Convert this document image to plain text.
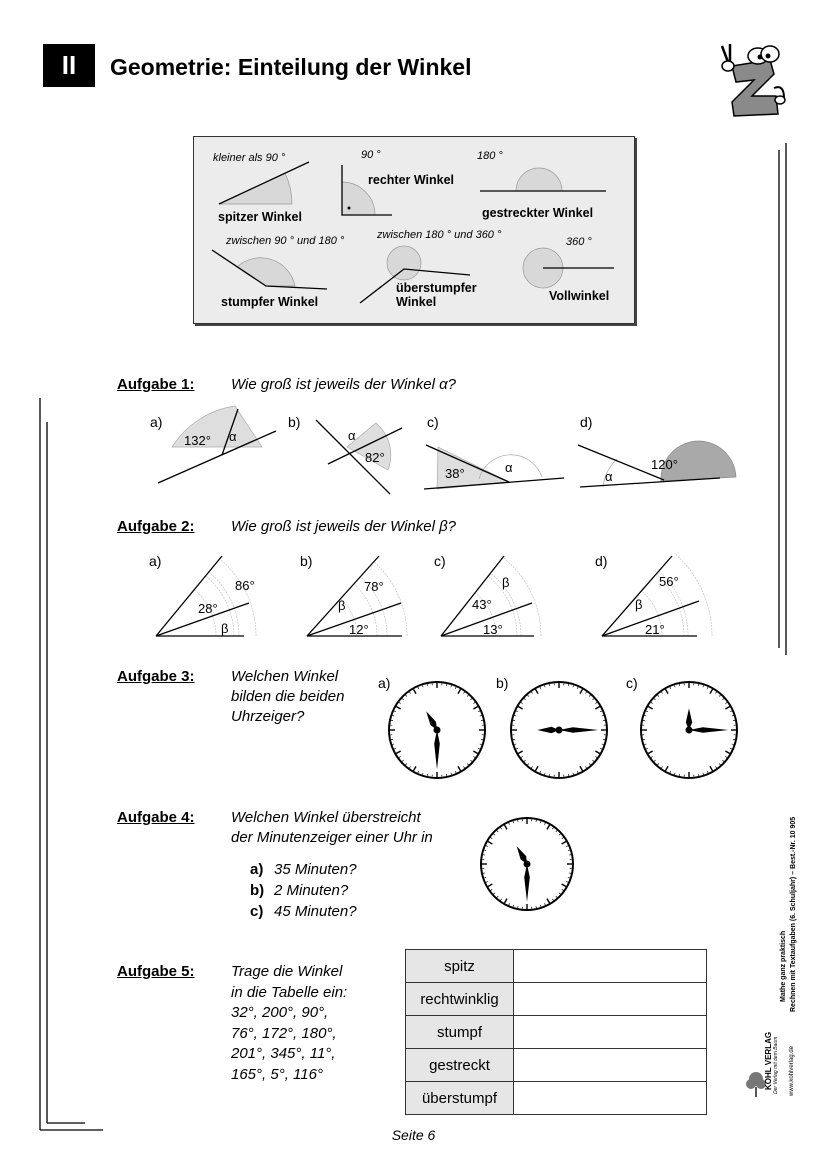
II	Geometrie: Einteilung der Winkel
kleiner als 90 °
spitzer Winkel
90 °
rechter Winkel
180 °
gestreckter Winkel
zwischen 90 ° und 180 °
stumpfer Winkel
zwischen 180 ° und 360 °
überstumpfer
Winkel
360 °
Vollwinkel
Aufgabe 1: Wie groß ist jeweils der Winkel α?
a)
132° α
b)
α
82°
c)
38°	α
d)
120°
α
Aufgabe 2: Wie groß ist jeweils der Winkel β?
a)
86°
28°
β
b)
78°
β
12°
c)
β
43°
13°
d)
56°
β
21°
Aufgabe 3: Welchen Winkel
bilden die beiden
Uhrzeiger?
a)	b)	c)
Aufgabe 4: Welchen Winkel überstreicht
der Minutenzeiger einer Uhr in
a) 35 Minuten?
b) 2 Minuten?
c) 45 Minuten?
Aufgabe 5: Trage die Winkel
in die Tabelle ein:
32°, 200°, 90°,
76°, 172°, 180°,
201°, 345°, 11°,
165°, 5°, 116°
spitz	
rechtwinklig	
stumpf	
gestreckt	
überstumpf	
Mathe ganz praktisch Rechnen mit Textaufgaben (6. Schuljahr) – Best.-Nr. 10 905
KOHL VERLAG Der Verlag mit dem Baum www.kohlverlag.de
Seite 6
